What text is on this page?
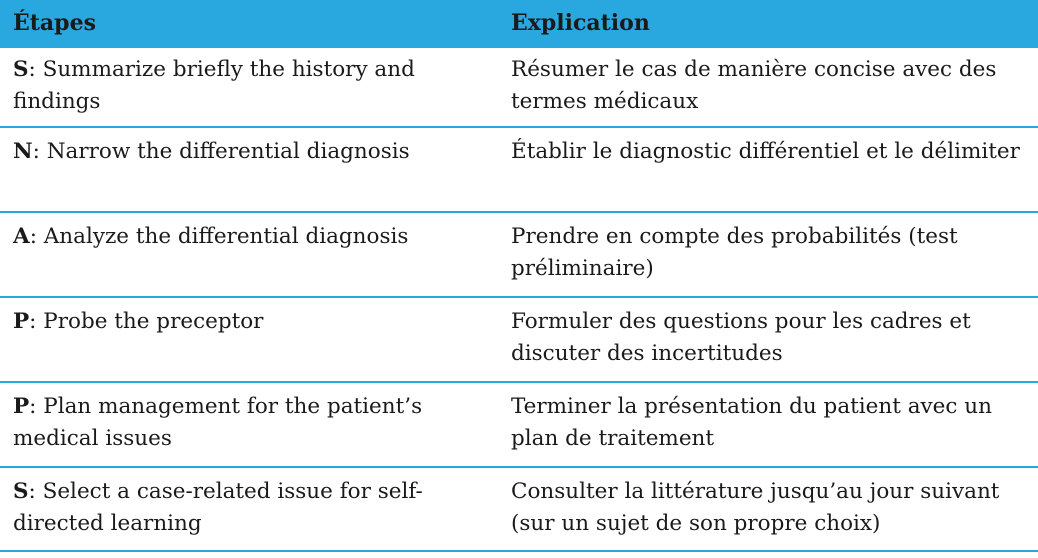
Étapes	Explication
S: Summarize briefly the history and findings	Résumer le cas de manière concise avec des termes médicaux
N: Narrow the differential diagnosis	Établir le diagnostic différentiel et le délimiter
A: Analyze the differential diagnosis	Prendre en compte des probabilités (test préliminaire)
P: Probe the preceptor	Formuler des questions pour les cadres et discuter des incertitudes
P: Plan management for the patient’s medical issues	Terminer la présentation du patient avec un plan de traitement
S: Select a case-related issue for self-directed learning	Consulter la littérature jusqu’au jour suivant (sur un sujet de son propre choix)
